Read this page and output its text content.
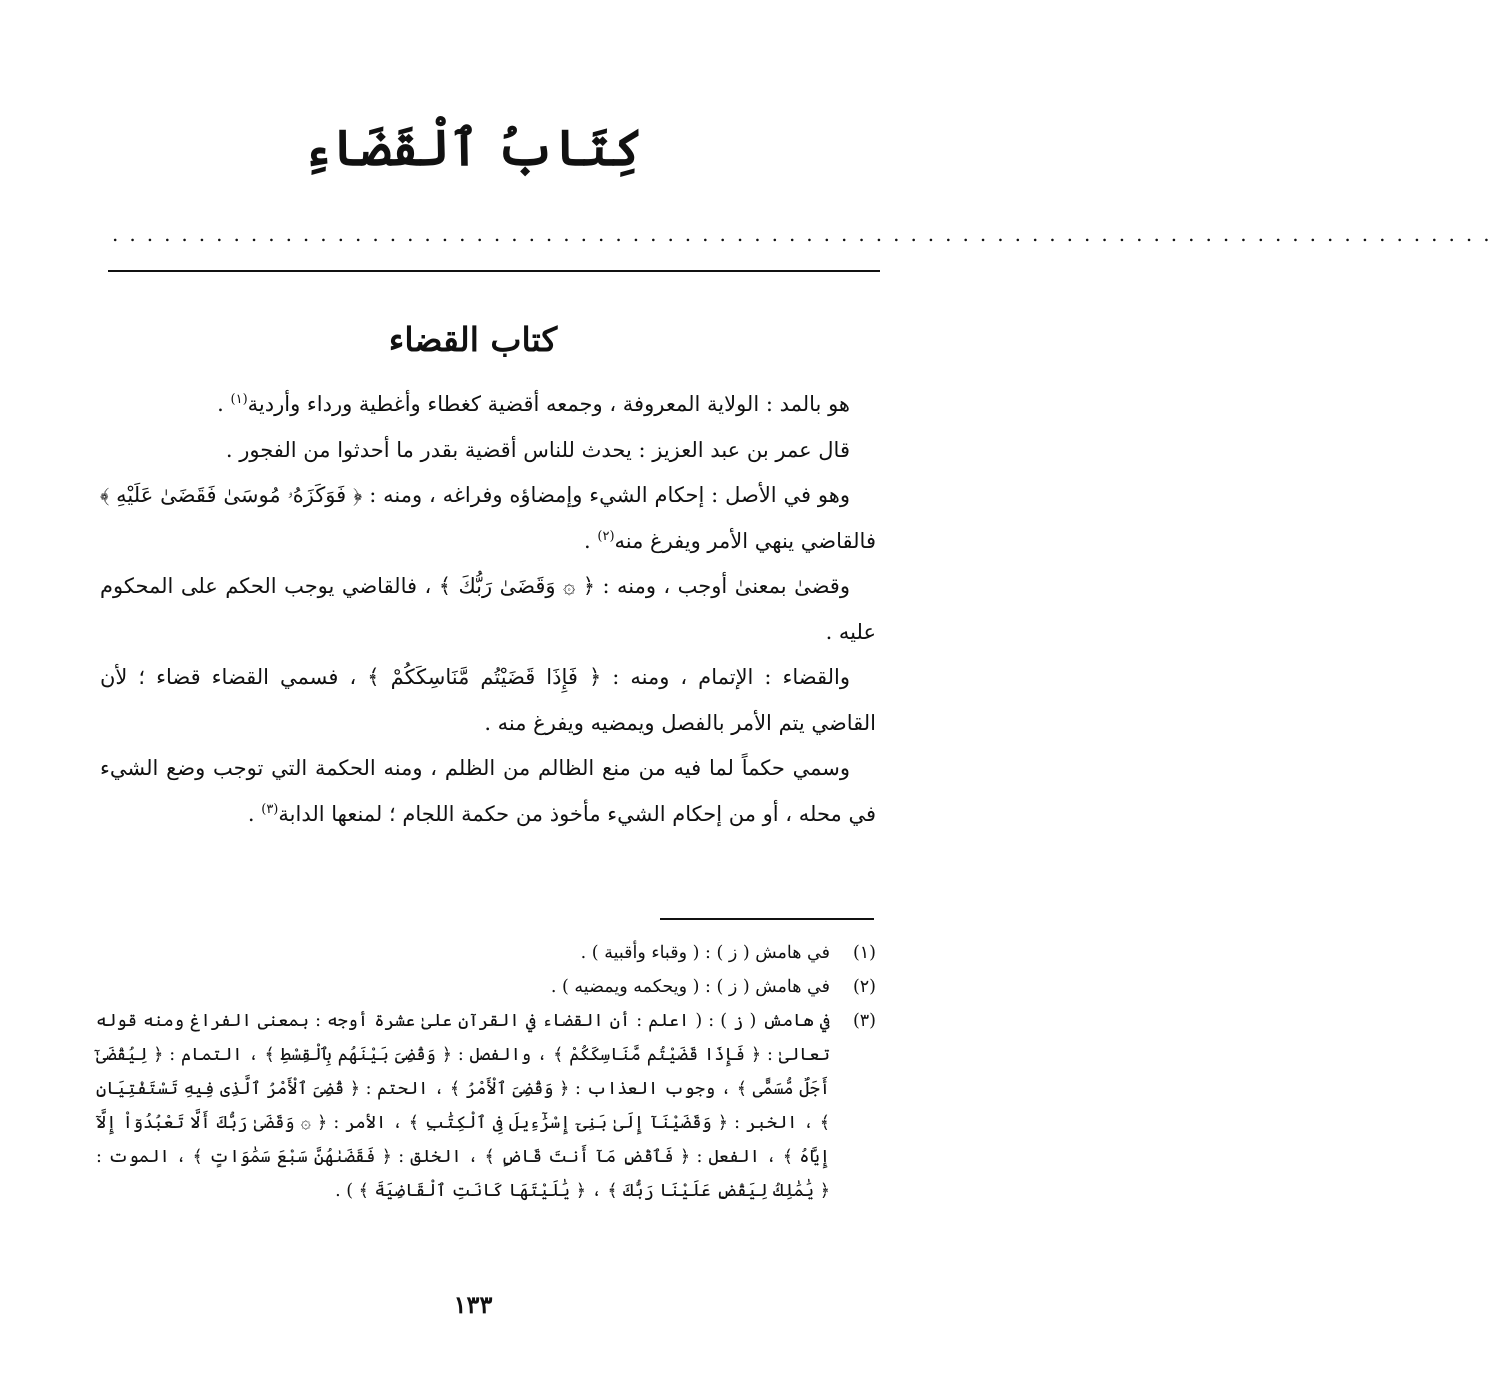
كِتَابُ ٱلْقَضَاءِ
................................................................................
كتاب القضاء

هو بالمد : الولاية المعروفة ، وجمعه أقضية كغطاء وأغطية ورداء وأردية$^{(١)}$ .

قال عمر بن عبد العزيز : يحدث للناس أقضية بقدر ما أحدثوا من الفجور .

وهو في الأصل : إحكام الشيء وإمضاؤه وفراغه ، ومنه : ﴿ فَوَكَزَهُۥ مُوسَىٰ فَقَضَىٰ عَلَيْهِ ﴾ فالقاضي ينهي الأمر ويفرغ منه$^{(٢)}$ .

وقضىٰ بمعنىٰ أوجب ، ومنه : ﴿ ۞ وَقَضَىٰ رَبُّكَ ﴾ ، فالقاضي يوجب الحكم على المحكوم عليه .

والقضاء : الإتمام ، ومنه : ﴿ فَإِذَا قَضَيْتُم مَّنَاسِكَكُمْ ﴾ ، فسمي القضاء قضاء ؛ لأن القاضي يتم الأمر بالفصل ويمضيه ويفرغ منه .

وسمي حكماً لما فيه من منع الظالم من الظلم ، ومنه الحكمة التي توجب وضع الشيء في محله ، أو من إحكام الشيء مأخوذ من حكمة اللجام ؛ لمنعها الدابة$^{(٣)}$ .

(١)
في هامش ( ز ) : ( وقباء وأقبية ) .
(٢)
في هامش ( ز ) : ( ويحكمه ويمضيه ) .
(٣)
في هامش ( ز ) : ( اعلم : أن القضاء في القرآن علىٰ عشرة أوجه : بمعنى الفراغ ومنه قوله تعالىٰ : ﴿ فَإِذَا قَضَيْتُم مَّنَاسِكَكُمْ ﴾ ، والفصل : ﴿ وَقُضِىَ بَيْنَهُم بِٱلْقِسْطِ ﴾ ، التمام : ﴿ لِيُقْضَىٰٓ أَجَلٌ مُّسَمًّى ﴾ ، وجوب العذاب : ﴿ وَقُضِىَ ٱلْأَمْرُ ﴾ ، الحتم : ﴿ قُضِىَ ٱلْأَمْرُ ٱلَّذِى فِيهِ تَسْتَفْتِيَانِ ﴾ ، الخبر : ﴿ وَقَضَيْنَآ إِلَىٰ بَنِىٓ إِسْرَٰٓءِيلَ فِى ٱلْكِتَٰبِ ﴾ ، الأمر : ﴿ ۞ وَقَضَىٰ رَبُّكَ أَلَّا تَعْبُدُوٓاْ إِلَّآ إِيَّاهُ ﴾ ، الفعل : ﴿ فَٱقْضِ مَآ أَنتَ قَاضٍ ﴾ ، الخلق : ﴿ فَقَضَىٰهُنَّ سَبْعَ سَمَٰوَاتٍ ﴾ ، الموت : ﴿ يَٰمَٰلِكُ لِيَقْضِ عَلَيْنَا رَبُّكَ ﴾ ، ﴿ يَٰلَيْتَهَا كَانَتِ ٱلْقَاضِيَةَ ﴾ ) .
١٣٣
